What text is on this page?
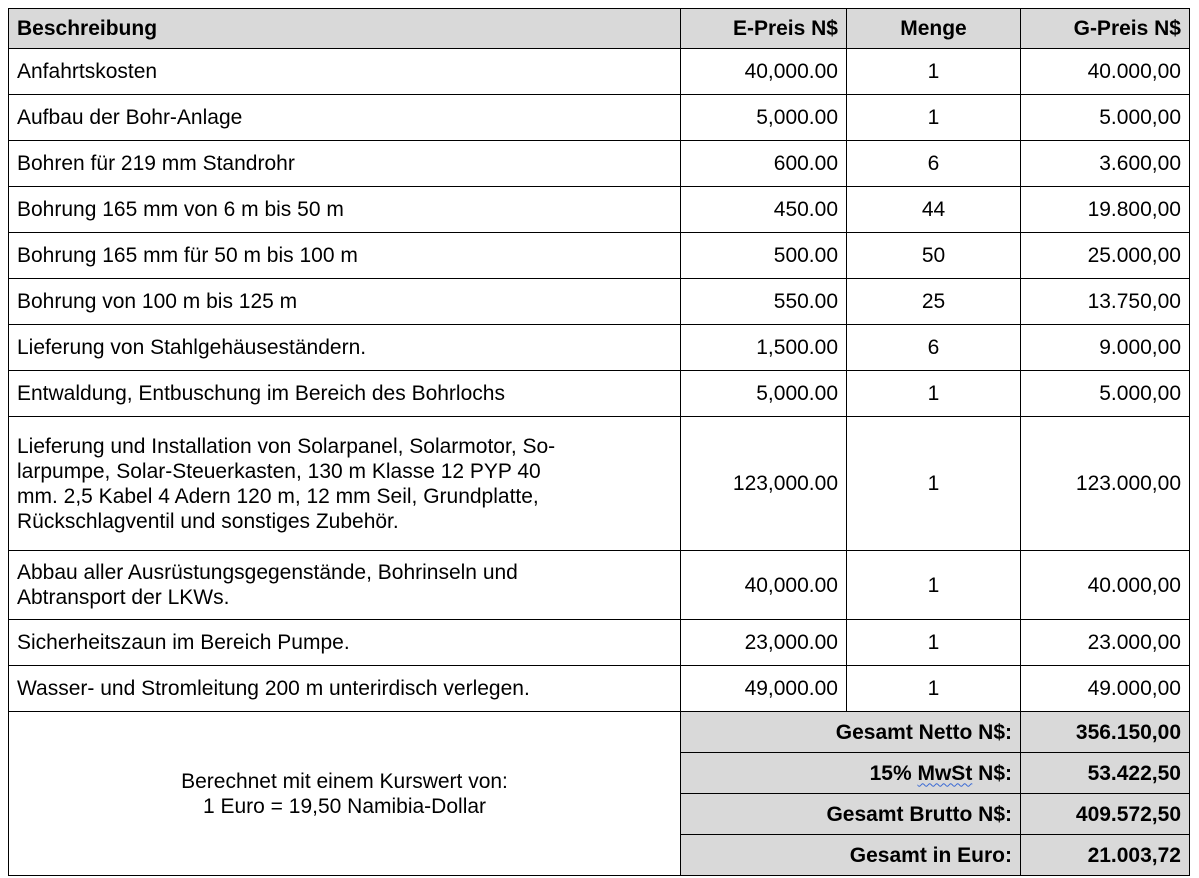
Beschreibung	E-Preis N$	Menge	G-Preis N$
Anfahrtskosten	40,000.00	1	40.000,00
Aufbau der Bohr-Anlage	5,000.00	1	5.000,00
Bohren für 219 mm Standrohr	600.00	6	3.600,00
Bohrung 165 mm von 6 m bis 50 m	450.00	44	19.800,00
Bohrung 165 mm für 50 m bis 100 m	500.00	50	25.000,00
Bohrung von 100 m bis 125 m	550.00	25	13.750,00
Lieferung von Stahlgehäuseständern.	1,500.00	6	9.000,00
Entwaldung, Entbuschung im Bereich des Bohrlochs	5,000.00	1	5.000,00

Lieferung und Installation von Solarpanel, Solarmotor, So-
larpumpe, Solar-Steuerkasten, 130 m Klasse 12 PYP 40
mm. 2,5 Kabel 4 Adern 120 m, 12 mm Seil, Grundplatte,
Rückschlagventil und sonstiges Zubehör.	123,000.00	1	123.000,00

Abbau aller Ausrüstungsgegenstände, Bohrinseln und
Abtransport der LKWs.	40,000.00	1	40.000,00
Sicherheitszaun im Bereich Pumpe.	23,000.00	1	23.000,00
Wasser- und Stromleitung 200 m unterirdisch verlegen.	49,000.00	1	49.000,00

Berechnet mit einem Kurswert von:
1 Euro = 19,50 Namibia-Dollar	Gesamt Netto N$:		356.150,00
	15% MwSt N$:		53.422,50
	Gesamt Brutto N$:		409.572,50
	Gesamt in Euro:		21.003,72
